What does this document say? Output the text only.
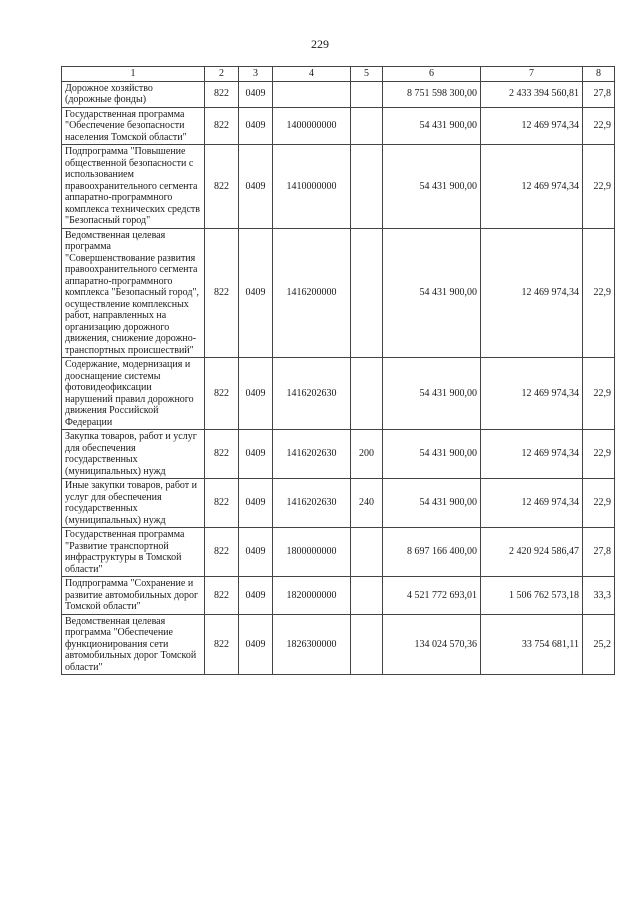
229
1	2	3	4	5	6	7	8
Дорожное хозяйство (дорожные фонды)	822	0409			8 751 598 300,00	2 433 394 560,81	27,8
Государственная программа "Обеспечение безопасности населения Томской области"	822	0409	1400000000		54 431 900,00	12 469 974,34	22,9
Подпрограмма "Повышение общественной безопасности с использованием правоохранительного сегмента аппаратно-программного комплекса технических средств "Безопасный город"	822	0409	1410000000		54 431 900,00	12 469 974,34	22,9
Ведомственная целевая программа "Совершенствование развития правоохранительного сегмента аппаратно-программного комплекса "Безопасный город", осуществление комплексных работ, направленных на организацию дорожного движения, снижение дорожно-транспортных происшествий"	822	0409	1416200000		54 431 900,00	12 469 974,34	22,9
Содержание, модернизация и дооснащение системы фотовидеофиксации нарушений правил дорожного движения Российской Федерации	822	0409	1416202630		54 431 900,00	12 469 974,34	22,9
Закупка товаров, работ и услуг для обеспечения государственных (муниципальных) нужд	822	0409	1416202630	200	54 431 900,00	12 469 974,34	22,9
Иные закупки товаров, работ и услуг для обеспечения государственных (муниципальных) нужд	822	0409	1416202630	240	54 431 900,00	12 469 974,34	22,9
Государственная программа "Развитие транспортной инфраструктуры в Томской области"	822	0409	1800000000		8 697 166 400,00	2 420 924 586,47	27,8
Подпрограмма "Сохранение и развитие автомобильных дорог Томской области"	822	0409	1820000000		4 521 772 693,01	1 506 762 573,18	33,3
Ведомственная целевая программа "Обеспечение функционирования сети автомобильных дорог Томской области"	822	0409	1826300000		134 024 570,36	33 754 681,11	25,2
